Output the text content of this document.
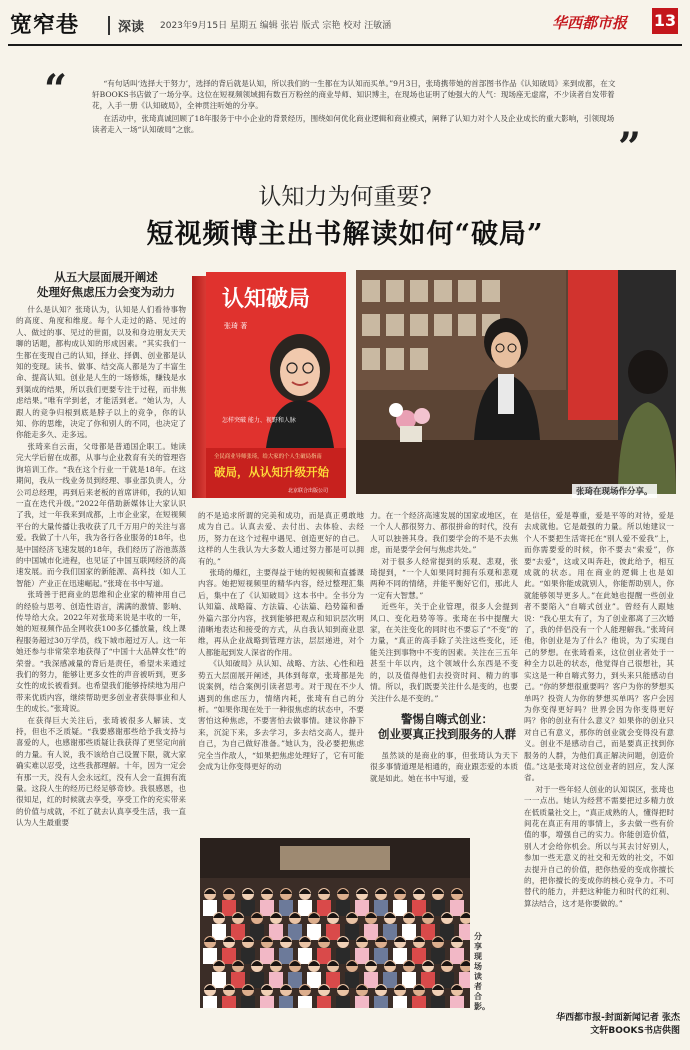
宽窄巷	深读 2023年9月15日 星期五 编辑 张岩 版式 宗艳 校对 汪敏涵	华西都市报 13
“
”

“有句话叫‘选择大于努力’，选择的背后就是认知，所以我们的一生都在为认知而买单。”9月3日，张琦携带她的首部图书作品《认知破局》来到成都，在文轩BOOKS书店做了一场分享。这位在短视频领域拥有数百万粉丝的商业导师、知识博主，在现场也证明了她强大的人气：现场座无虚席，不少读者自发带着花，入手一册《认知破局》，全神贯注听她的分享。

在活动中，张琦真诚回顾了18年服务于中小企业的背景经历，围绕如何优化商业逻辑和商业模式，阐释了认知力对个人及企业成长的重大影响，引领现场读者走入一场“认知破局”之旅。

认知力为何重要?
短视频博主出书解读如何“破局”
从五大层面展开阐述
处理好焦虑压力会变为动力
警惕自嗨式创业：
创业要真正找到服务的人群
认知破局
张琦 著
怎样突破 能力、视野和人脉
全民商业导师张琦，给大家的个人生破局指南
破局，从认知升级开始
北京联合出版公司	张琦在现场作分享。
分享现场读者合影。

什么是认知？张琦认为，认知是人们看待事物的高度、角度和维度。每个人走过的路、见过的人、做过的事、见过的世面，以及和身边朋友天天聊的话题，都构成认知的形成因素。“其实我们一生都在变现自己的认知，择业、择偶、创业都是认知的变现。读书、做事、结交高人都是为了丰富生命、提高认知。创业是人生的一场修炼，赚钱是水到渠成的结果，所以我们更要专注于过程，而非焦虑结果。”唯有学到老，才能活到老。“她认为，人跟人的竞争归根到底是脖子以上的竞争，你的认知、你的思维，决定了你和别人的不同，也决定了你能走多久、走多远。

张琦来自云南，父母都是普通国企职工。她读完大学后留在成都，从事与企业教育有关的管理咨询培训工作。“我在这个行业一干就是18年。在这期间，我从一线业务员到经理、事业部负责人，分公司总经理，再到后来老板的首席讲师，我的认知一直在迭代升级。”2022年借助新媒体让大家认识了我，过一年我来到成都，上市企业家，在短视频平台的大量传播让我收获了几千万用户的关注与喜爱。我做了十八年，我为各行各业服务的18年，也是中国经济飞速发展的18年，我们经历了浴池蒸蒸的中国城市化进程，也见证了中国互联网经济的高速发展。而今我们国家的新能源、高科技（如人工智能）产业正在迅速崛起。”张琦在书中写道。

张琦善于把商业的思维和企业家的精神用自己的经验与思考、创造性语言，满满的激情、影响、传导给大众。2022年对张琦来说是丰收的一年，她的短视频作品全网收获100多亿播放量，线上课程服务超过30万学员，线下城市超过万人。这一年她还参与非常荣幸地获得了“中国十大品牌女性”的荣誉。“我深感减量的背后是责任，希望未来通过我们的努力，能够让更多女性的声音被听到，更多女性的成长被看到。也希望我们能够持续地为用户带来优质内容，继续帮助更多创业者获得事业和人生的成长。”张琦说。

在获得巨大关注后，张琦被很多人解读、支持，但也不乏质疑。“我要感谢那些给予我支持与喜爱的人，也感谢那些质疑让我获得了更坚定向前的力量。有人说，我不该给自己设置下限，就大家确实难以忍受，这些我都理解。十年，因为一定会有那一天，没有人会永远红，没有人会一直拥有流量。这段人生的经历已经足够奇妙。我很感恩，也很知足，红的时候就去享受，享受工作的充实带来的价值与成就，不红了就去认真享受生活，我一直认为人生最重要

的不是追求所谓的完美和成功，而是真正勇敢地成为自己。认真去爱、去付出、去体验、去经历，努力在这个过程中遇见、创造更好的自己。这样的人生我认为大多数人通过努力都是可以拥有的。”

张琦的爆红，主要得益于她的短视频和直播课内容。她把短视频里的精华内容，经过整理汇集后，集中在了《认知破局》这本书中。全书分为认知篇、战略篇、方法篇、心法篇、趋势篇和番外篇六部分内容，找到能够把观点和知识层次明清晰地表达和接受的方式，从自我认知到商业思维，再从企业战略到管理方法，层层递进，对个人都能起到发人深省的作用。

《认知破局》从认知、战略、方法、心性和趋势五大层面展开阐述，具体到每章，张琦都是先说案例，结合案例引读者思考。对于现在不少人遇到的焦虑压力，情绪内耗，张琦有自己的分析。“如果你现在处于一种很焦虑的状态中，不要害怕这种焦虑，不要害怕去做事情。建议你静下来，沉淀下来，多去学习，多去结交高人，提升自己，为自己做好准备。”她认为，没必要把焦虑完全当作敌人，“如果把焦虑处理好了，它有可能会成为让你变得更好的动

力。在一个经济高速发展的国家或地区，在一个人人都很努力、都很拼命的时代，没有人可以独善其身。我们要学会的不是不去焦虑，而是要学会何与焦虑共处。”

对于很多人经常提到的乐观、悲观，张琦提到，“一个人如果同时拥有乐观和悲观两种不同的情绪，并能平衡好它们，那此人一定有大智慧。”

近些年，关于企业管理，很多人会提到风口、变化趋势等等。张琦在书中提醒大家，在关注变化的同时也不要忘了“不变”的力量，“真正的高手除了关注这些变化，还能关注到事物中不变的因素。关注在三五年甚至十年以内，这个领域什么东西是不变的，以及值得他们去投资时间、精力的事情。所以，我们既要关注什么是变的，也要关注什么是不变的。”

虽然谈的是商业的事，但张琦认为天下很多事情道理是相通的，商业跟恋爱的本质就是如此。她在书中写道，爱

是信任，爱是尊重，爱是平等的对待，爱是去成就他。它是最强的力量。所以她建议一个人不要把生活寄托在“别人爱不爱我”上，而你需要爱的时候，你不要去“索爱”，你要“去爱”，这或又叫奔赴，彼此给予，相互成就的状态。用在商业的逻辑上也是如此。“如果你能成就别人，你能帮助别人，你就能够领导更多人。”在此她也提醒一些创业者不要陷入“自嗨式创业”。曾经有人跟她说：“我心里太有了，为了创业都离了三次婚了，我的伴侣没有一个人能理解我。”张琦问他，你创业是为了什么？他说，为了实现自己的梦想。在张琦看来，这位创业者处于一种全力以赴的状态，他觉得自己很想社，其实这是一种自嗨式努力，到头来只能感动自己。“你的梦想很重要吗？客户为你的梦想买单吗？投资人为你的梦想买单吗？客户会因为你变得更好吗？世界会因为你变得更好吗？你的创业有什么意义？如果你的创业只对自己有意义，那你的创业就会变得没有意义。创业不是感动自己，而是要真正找到你服务的人群，为他们真正解决问题，创造价值。”这是张琦对这位创业者的回应，发人深省。

对于一些年轻人创业的认知误区，张琦也一一点出。她认为经营不需要把过多精力放在低质量社交上，“真正成熟的人，懂得把时间花在真正有用的事情上，多去做一些有价值的事，增强自己的实力。你能创造价值，别人才会给你机会。所以与其去讨好别人，参加一些无意义的社交和无效的社交，不如去提升自己的价值，把你热爱的变成你擅长的，把你擅长的变成你的核心竞争力。不可替代的能力，并把这种能力和时代的红利、算法结合，这才是你要做的。”

华西都市报-封面新闻记者 张杰
文轩BOOKS书店供图
